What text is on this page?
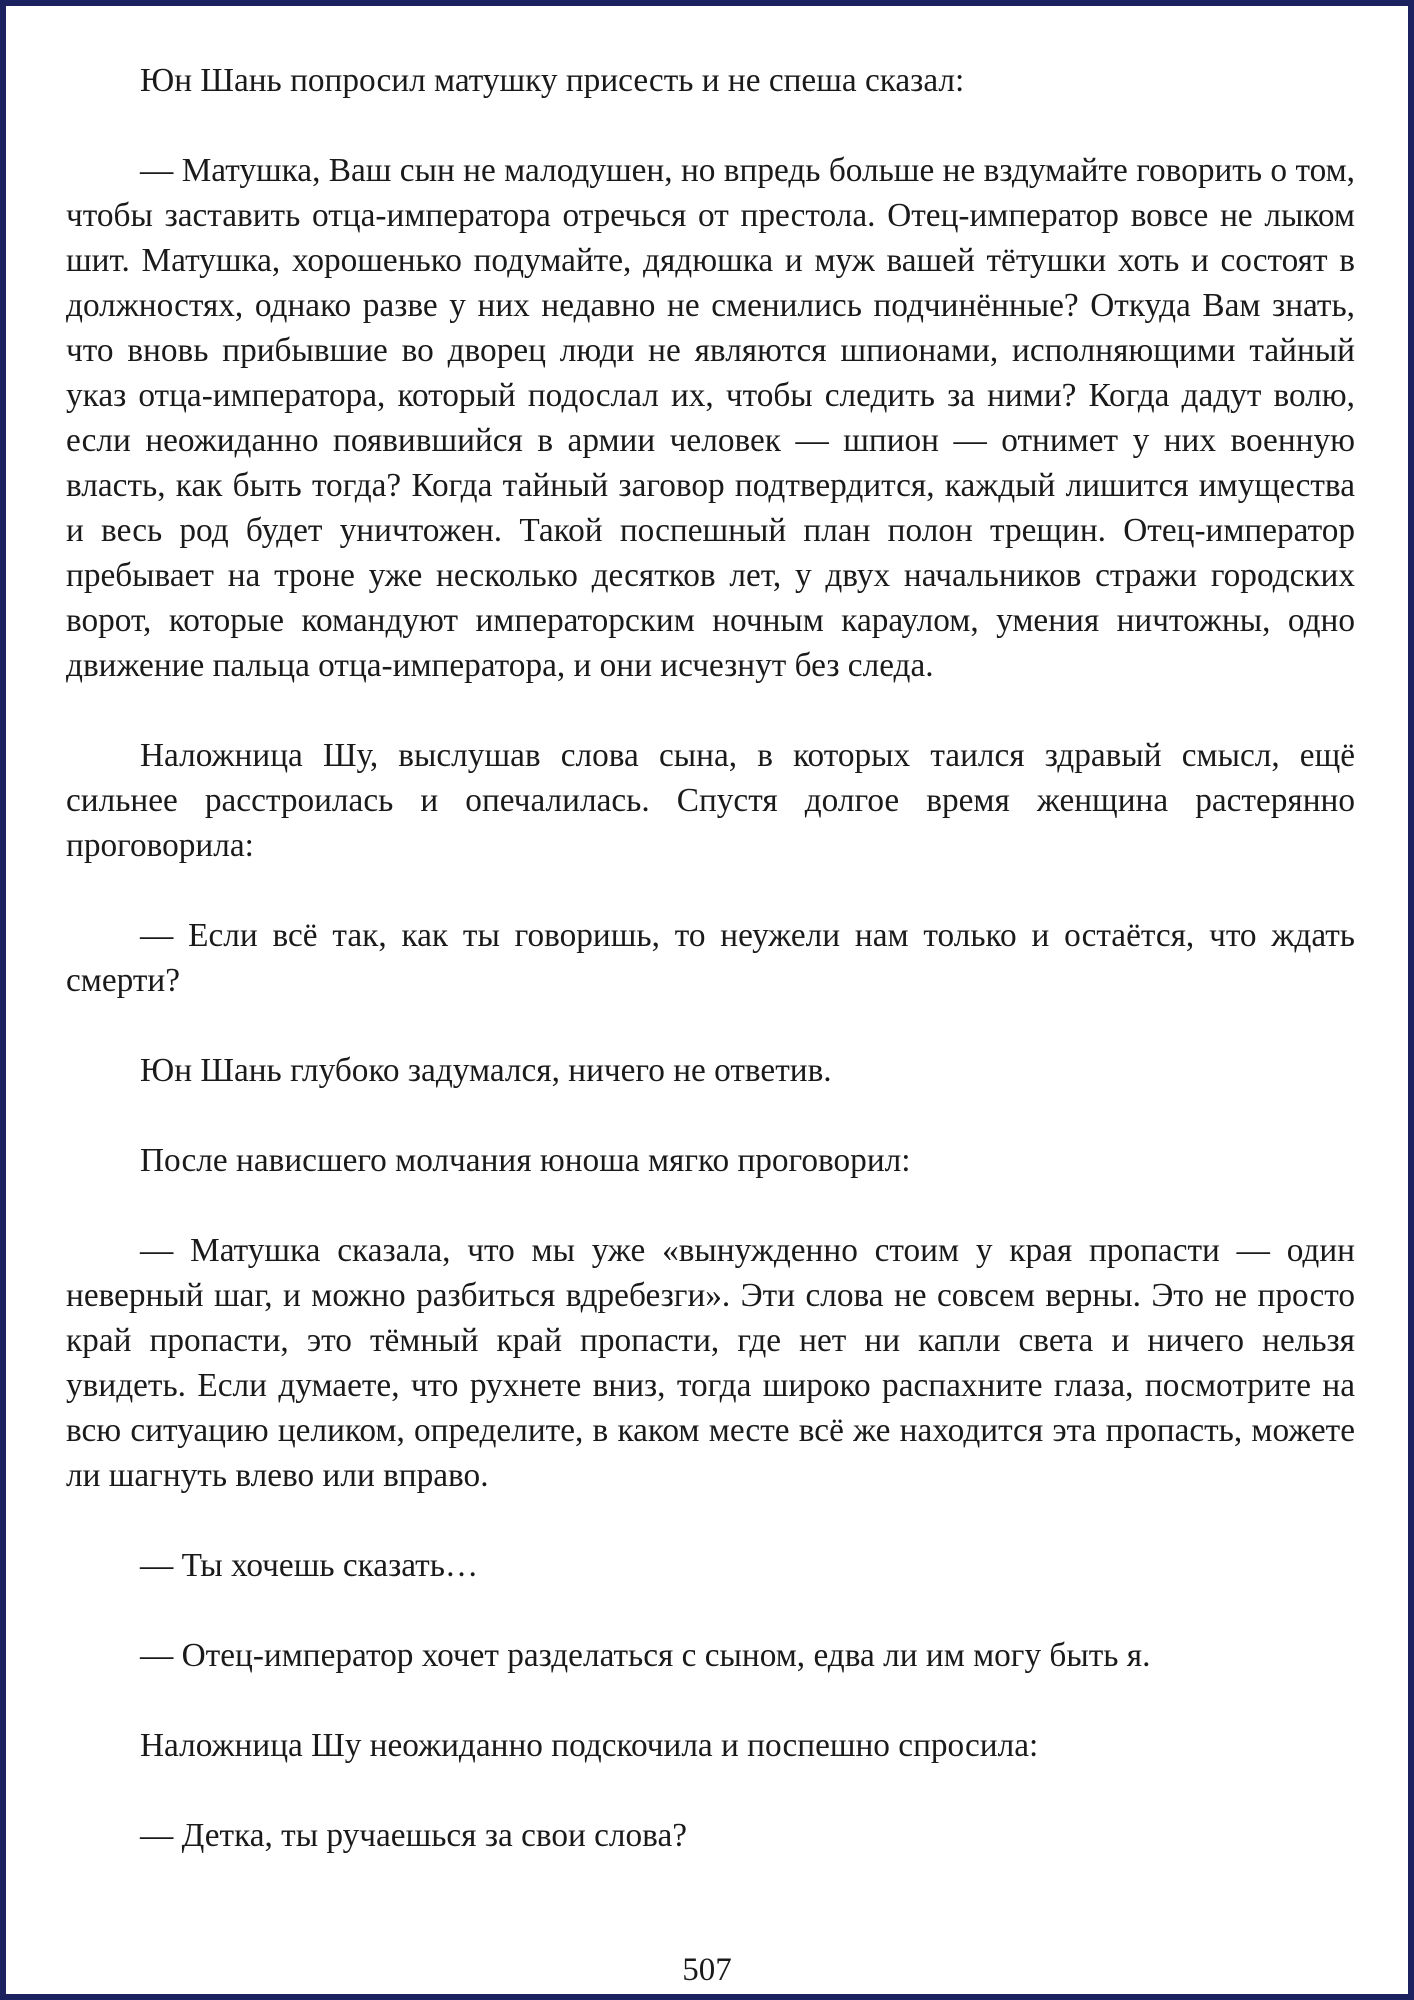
Юн Шань попросил матушку присесть и не спеша сказал:

— Матушка, Ваш сын не малодушен, но впредь больше не вздумайте говорить о том, чтобы заставить отца-императора отречься от престола. Отец-император вовсе не лыком шит. Матушка, хорошенько подумайте, дядюшка и муж вашей тётушки хоть и состоят в должностях, однако разве у них недавно не сменились подчинённые? Откуда Вам знать, что вновь прибывшие во дворец люди не являются шпионами, исполняющими тайный указ отца-императора, который подослал их, чтобы следить за ними? Когда дадут волю, если неожиданно появившийся в армии человек — шпион — отнимет у них военную власть, как быть тогда? Когда тайный заговор подтвердится, каждый лишится имущества и весь род будет уничтожен. Такой поспешный план полон трещин. Отец-император пребывает на троне уже несколько десятков лет, у двух начальников стражи городских ворот, которые командуют императорским ночным караулом, умения ничтожны, одно движение пальца отца-императора, и они исчезнут без следа.

Наложница Шу, выслушав слова сына, в которых таился здравый смысл, ещё сильнее расстроилась и опечалилась. Спустя долгое время женщина растерянно проговорила:

— Если всё так, как ты говоришь, то неужели нам только и остаётся, что ждать смерти?

Юн Шань глубоко задумался, ничего не ответив.

После нависшего молчания юноша мягко проговорил:

— Матушка сказала, что мы уже «вынужденно стоим у края пропасти — один неверный шаг, и можно разбиться вдребезги». Эти слова не совсем верны. Это не просто край пропасти, это тёмный край пропасти, где нет ни капли света и ничего нельзя увидеть. Если думаете, что рухнете вниз, тогда широко распахните глаза, посмотрите на всю ситуацию целиком, определите, в каком месте всё же находится эта пропасть, можете ли шагнуть влево или вправо.

— Ты хочешь сказать…

— Отец-император хочет разделаться с сыном, едва ли им могу быть я.

Наложница Шу неожиданно подскочила и поспешно спросила:

— Детка, ты ручаешься за свои слова?

507
